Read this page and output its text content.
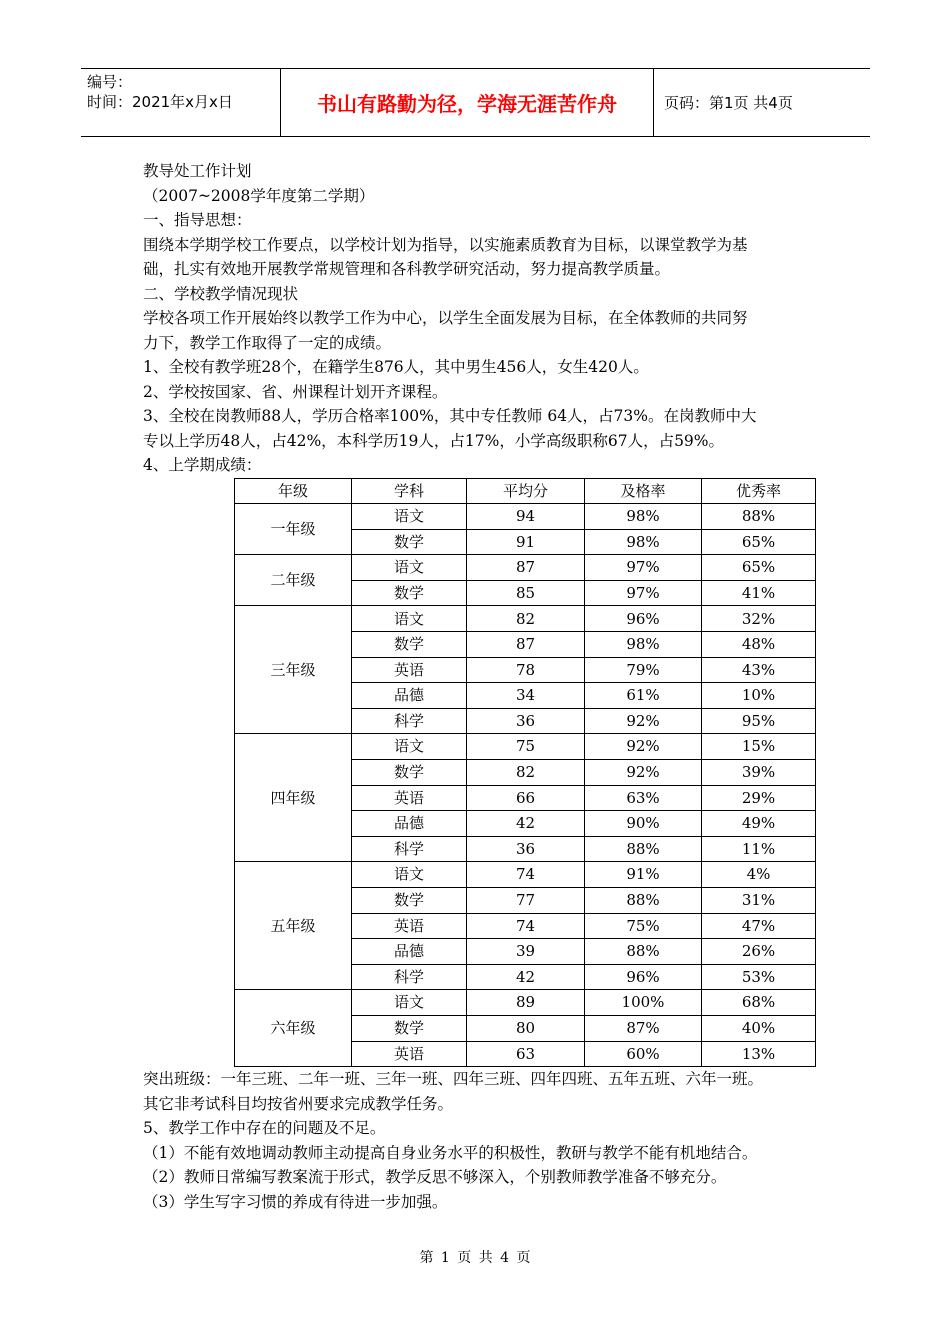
编号：
时间：2021年x月x日	书山有路勤为径，学海无涯苦作舟	页码：第1页 共4页

教导处工作计划

（2007~2008学年度第二学期）

一、指导思想：

围绕本学期学校工作要点，以学校计划为指导，以实施素质教育为目标，以课堂教学为基

础，扎实有效地开展教学常规管理和各科教学研究活动，努力提高教学质量。

二、学校教学情况现状

学校各项工作开展始终以教学工作为中心，以学生全面发展为目标，在全体教师的共同努

力下，教学工作取得了一定的成绩。

1、全校有教学班28个，在籍学生876人，其中男生456人，女生420人。

2、学校按国家、省、州课程计划开齐课程。

3、全校在岗教师88人，学历合格率100%，其中专任教师 64人，占73%。在岗教师中大

专以上学历48人，占42%，本科学历19人，占17%，小学高级职称67人，占59%。

4、上学期成绩：

年级	学科	平均分	及格率	优秀率
一年级	语文	94	98%	88%
	数学	91	98%	65%
二年级	语文	87	97%	65%
	数学	85	97%	41%
三年级	语文	82	96%	32%
	数学	87	98%	48%
	英语	78	79%	43%
	品德	34	61%	10%
	科学	36	92%	95%
四年级	语文	75	92%	15%
	数学	82	92%	39%
	英语	66	63%	29%
	品德	42	90%	49%
	科学	36	88%	11%
五年级	语文	74	91%	4%
	数学	77	88%	31%
	英语	74	75%	47%
	品德	39	88%	26%
	科学	42	96%	53%
六年级	语文	89	100%	68%
	数学	80	87%	40%
	英语	63	60%	13%

突出班级：一年三班、二年一班、三年一班、四年三班、四年四班、五年五班、六年一班。

其它非考试科目均按省州要求完成教学任务。

5、教学工作中存在的问题及不足。

（1）不能有效地调动教师主动提高自身业务水平的积极性，教研与教学不能有机地结合。

（2）教师日常编写教案流于形式，教学反思不够深入，个别教师教学准备不够充分。

（3）学生写字习惯的养成有待进一步加强。

第 1 页 共 4 页
